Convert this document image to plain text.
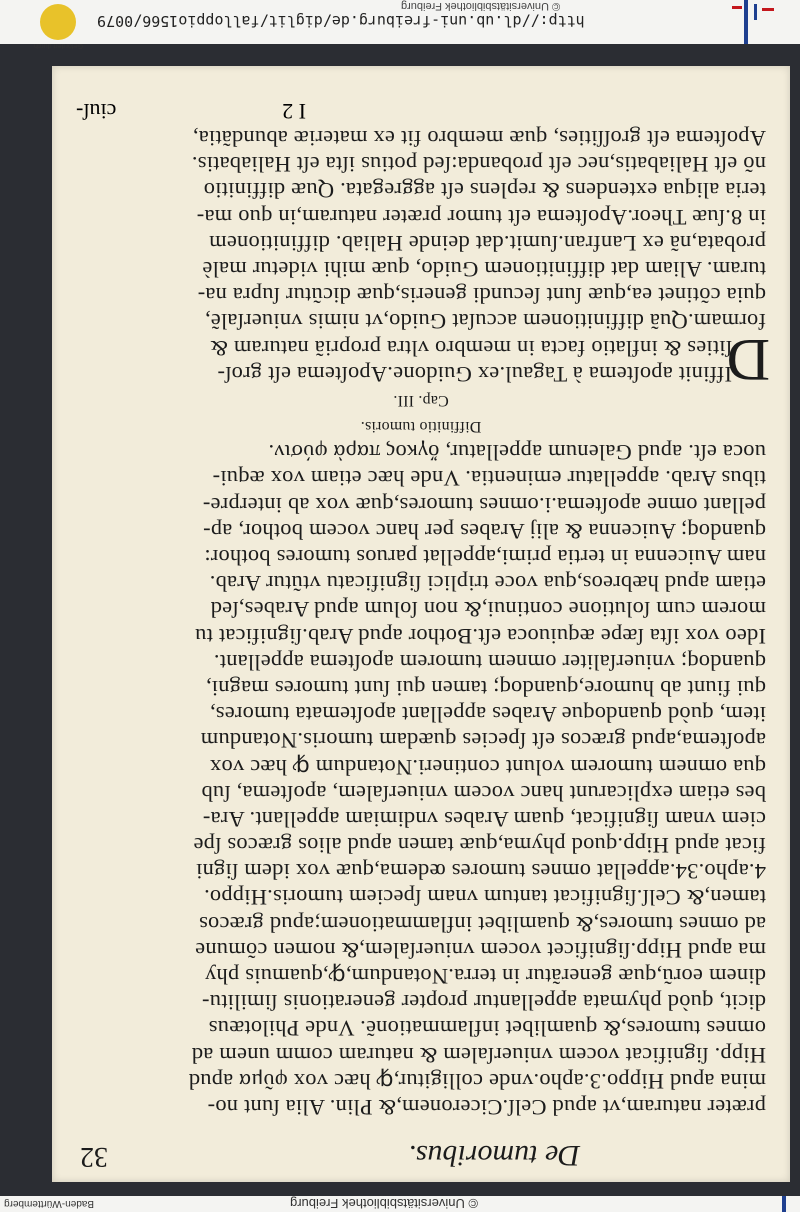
Gefördert durch
© Universitätsbibliothek Freiburg
http://dl.ub.uni-freiburg.de/diglit/falloppio1566/0079
De tumoribus.
32
præter naturam,vt apud Celſ.Ciceronem,& Plin. Alia ſunt no-
mina apud Hippo.3.apho.vnde colligitur,ꝙ hæc vox φῦμα apud
Hipp. ſignificat vocem vniuerſalem & naturam comm unem ad
omnes tumores,& quamlibet inflammationẽ. Vnde Philotæus
dicit, quòd phymata appellantur propter generationis ſimilitu-
dinem eorũ,quæ generãtur in terra.Notandum,ꝙ,quamuis phy
ma apud Hipp.ſignificet vocem vniuerſalem,& nomen cõmune
ad omnes tumores,& quamlibet inflammationem;apud græcos
tamen,& Celſ.ſignificat tantum vnam ſpeciem tumoris.Hippo.
4.apho.34.appellat omnes tumores œdema,quæ vox idem ſigni
ficat apud Hipp.quod phyma,quæ tamen apud alios græcos ſpe
ciem vnam ſignificat, quam Arabes vndimiam appellant. Ara-
bes etiam explicarunt hanc vocem vniuerſalem, apoſtema, ſub
qua omnem tumorem volunt contineri.Notandum ꝙ hæc vox
apoſtema,apud græcos eſt ſpecies quædam tumoris.Notandum
item, quòd quandoque Arabes appellant apoſtemata tumores,
qui fiunt ab humore,quandoq; tamen qui ſunt tumores magni,
quandoq; vniuerſaliter omnem tumorem apoſtema appellant.
Ideo vox iſta ſæpe æquiuoca eſt.Bothor apud Arab.ſignificat tu
morem cum ſolutione continui,& non ſolum apud Arabes,ſed
etiam apud hæbreos,qua voce triplici ſignificatu vtũtur Arab.
nam Auicenna in tertia primi,appellat paruos tumores bothor:
quandoq; Auicenna & alij Arabes per hanc vocem bothor, ap-
pellant omne apoſtema.i.omnes tumores,quæ vox ab interpre-
tibus Arab. appellatur eminentia. Vnde hæc etiam vox æqui-
uoca eſt. apud Galenum appellatur, ὄγκος παρὰ φύσιν.
Diffinitio tumoris.
Cap. III.
Iffinit apoſtema à Tagaul.ex Guidone.Apoſtema eſt groſ-
ſities & inflatio facta in membro vltra propriã naturam &
formam.Quã diffinitionem accuſat Guido,vt nimis vniuerſalẽ,
quia cõtinet ea,quæ ſunt ſecundi generis,quæ dicũtur ſupra na-
turam. Aliam dat diffinitionem Guido, quæ mihi videtur malè
probata,nã ex Lanfran.ſumit.dat deinde Haliab. diffinitionem
in 8.ſuæ Theor.Apoſtema eſt tumor præter naturam,in quo ma-
teria aliqua extendens & replens eſt aggregata. Quæ diffinitio
nõ eſt Haliabatis,nec eſt probanda:ſed potius iſta eſt Haliabatis.
Apoſtema eſt groſſities, quæ membro fit ex materiæ abundãtia,
D
I 2
ciuſ-
Baden-Württemberg	© Universitätsbibliothek Freiburg
